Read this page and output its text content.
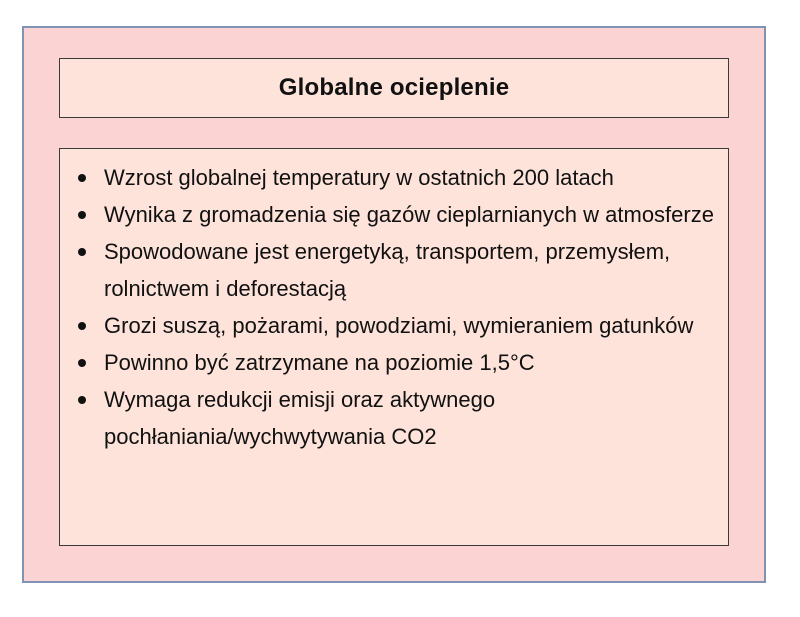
Globalne ocieplenie
Wzrost globalnej temperatury w ostatnich 200 latach
Wynika z gromadzenia się gazów cieplarnianych w atmosferze
Spowodowane jest energetyką, transportem, przemysłem, rolnictwem i deforestacją
Grozi suszą, pożarami, powodziami, wymieraniem gatunków
Powinno być zatrzymane na poziomie 1,5°C
Wymaga redukcji emisji oraz aktywnego pochłaniania/wychwytywania CO2
